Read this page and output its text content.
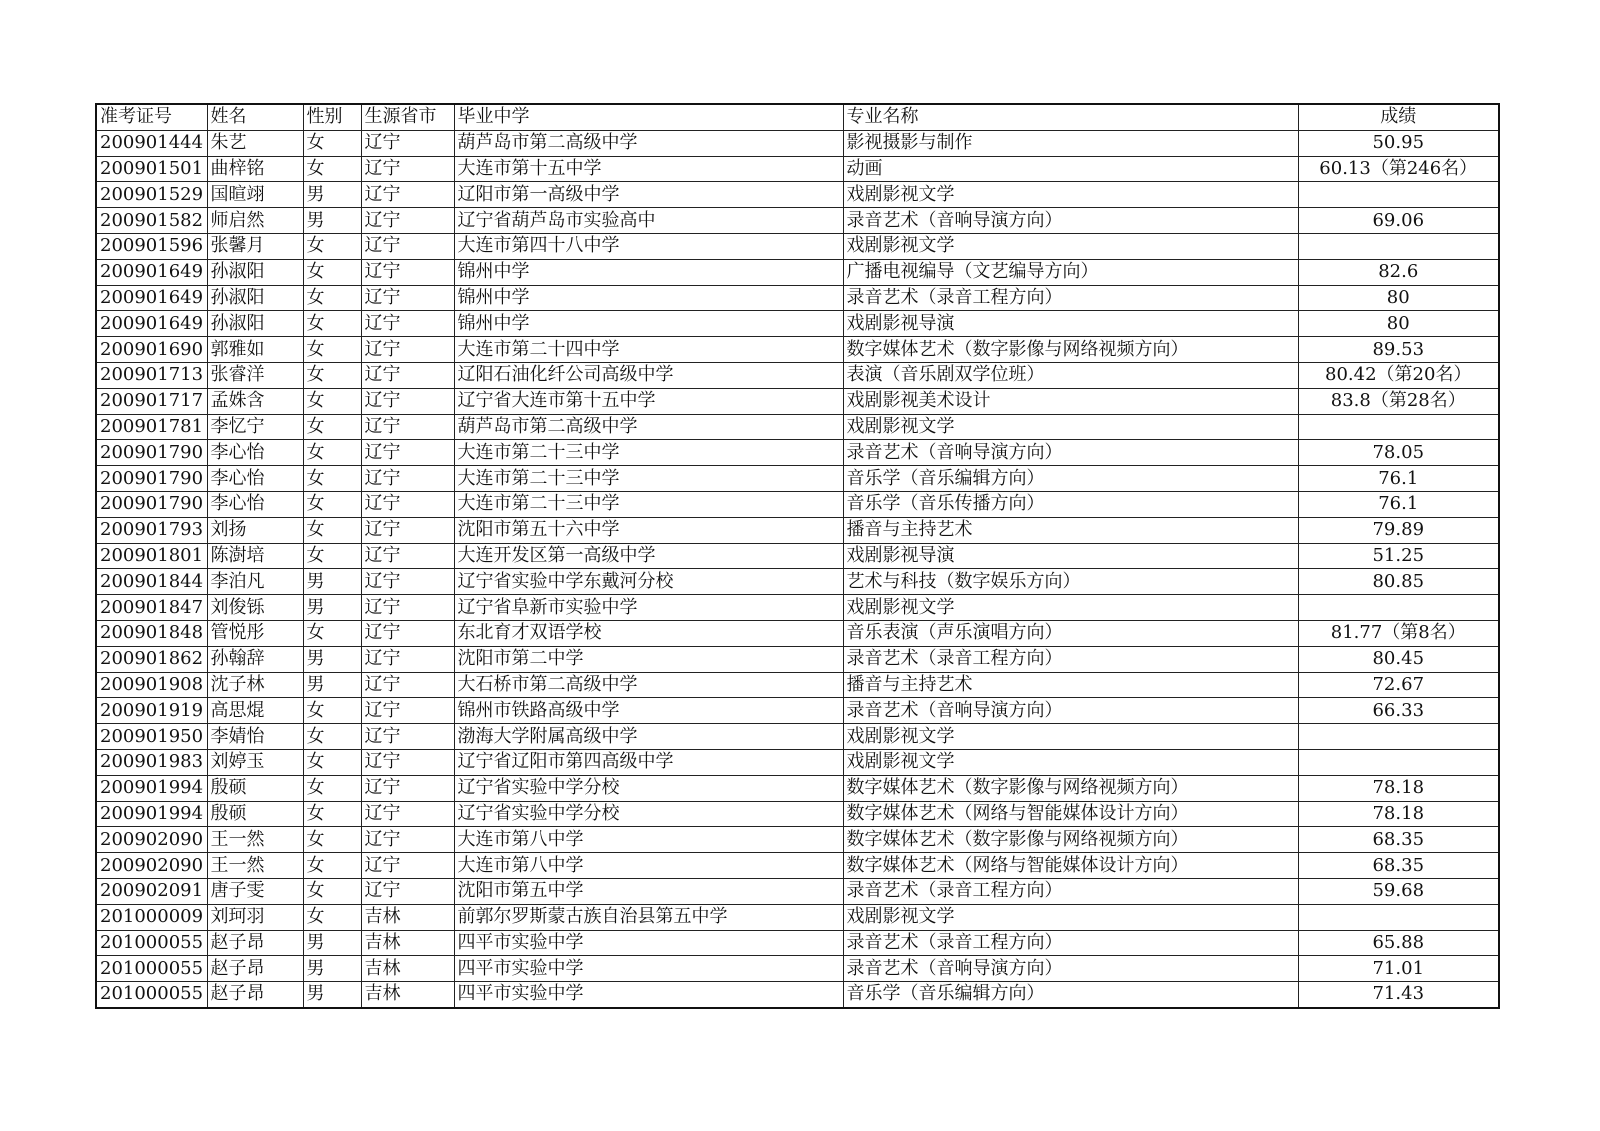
准考证号	姓名	性别	生源省市	毕业中学	专业名称	成绩
200901444	朱艺	女	辽宁	葫芦岛市第二高级中学	影视摄影与制作	50.95
200901501	曲梓铭	女	辽宁	大连市第十五中学	动画	60.13（第246名）
200901529	国暄翊	男	辽宁	辽阳市第一高级中学	戏剧影视文学	
200901582	师启然	男	辽宁	辽宁省葫芦岛市实验高中	录音艺术（音响导演方向）	69.06
200901596	张馨月	女	辽宁	大连市第四十八中学	戏剧影视文学	
200901649	孙淑阳	女	辽宁	锦州中学	广播电视编导（文艺编导方向）	82.6
200901649	孙淑阳	女	辽宁	锦州中学	录音艺术（录音工程方向）	80
200901649	孙淑阳	女	辽宁	锦州中学	戏剧影视导演	80
200901690	郭雅如	女	辽宁	大连市第二十四中学	数字媒体艺术（数字影像与网络视频方向）	89.53
200901713	张睿洋	女	辽宁	辽阳石油化纤公司高级中学	表演（音乐剧双学位班）	80.42（第20名）
200901717	孟姝含	女	辽宁	辽宁省大连市第十五中学	戏剧影视美术设计	83.8（第28名）
200901781	李忆宁	女	辽宁	葫芦岛市第二高级中学	戏剧影视文学	
200901790	李心怡	女	辽宁	大连市第二十三中学	录音艺术（音响导演方向）	78.05
200901790	李心怡	女	辽宁	大连市第二十三中学	音乐学（音乐编辑方向）	76.1
200901790	李心怡	女	辽宁	大连市第二十三中学	音乐学（音乐传播方向）	76.1
200901793	刘扬	女	辽宁	沈阳市第五十六中学	播音与主持艺术	79.89
200901801	陈澍培	女	辽宁	大连开发区第一高级中学	戏剧影视导演	51.25
200901844	李泊凡	男	辽宁	辽宁省实验中学东戴河分校	艺术与科技（数字娱乐方向）	80.85
200901847	刘俊铄	男	辽宁	辽宁省阜新市实验中学	戏剧影视文学	
200901848	管悦彤	女	辽宁	东北育才双语学校	音乐表演（声乐演唱方向）	81.77（第8名）
200901862	孙翰辞	男	辽宁	沈阳市第二中学	录音艺术（录音工程方向）	80.45
200901908	沈子林	男	辽宁	大石桥市第二高级中学	播音与主持艺术	72.67
200901919	高思焜	女	辽宁	锦州市铁路高级中学	录音艺术（音响导演方向）	66.33
200901950	李婧怡	女	辽宁	渤海大学附属高级中学	戏剧影视文学	
200901983	刘婷玉	女	辽宁	辽宁省辽阳市第四高级中学	戏剧影视文学	
200901994	殷硕	女	辽宁	辽宁省实验中学分校	数字媒体艺术（数字影像与网络视频方向）	78.18
200901994	殷硕	女	辽宁	辽宁省实验中学分校	数字媒体艺术（网络与智能媒体设计方向）	78.18
200902090	王一然	女	辽宁	大连市第八中学	数字媒体艺术（数字影像与网络视频方向）	68.35
200902090	王一然	女	辽宁	大连市第八中学	数字媒体艺术（网络与智能媒体设计方向）	68.35
200902091	唐子雯	女	辽宁	沈阳市第五中学	录音艺术（录音工程方向）	59.68
201000009	刘珂羽	女	吉林	前郭尔罗斯蒙古族自治县第五中学	戏剧影视文学	
201000055	赵子昂	男	吉林	四平市实验中学	录音艺术（录音工程方向）	65.88
201000055	赵子昂	男	吉林	四平市实验中学	录音艺术（音响导演方向）	71.01
201000055	赵子昂	男	吉林	四平市实验中学	音乐学（音乐编辑方向）	71.43
